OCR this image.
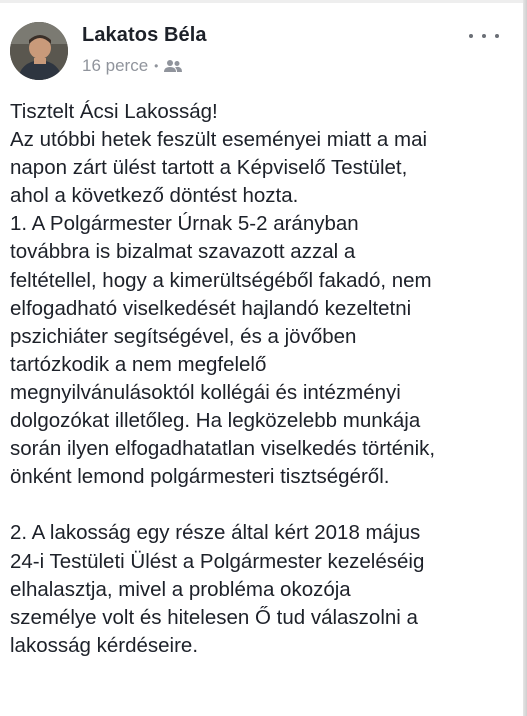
Lakatos Béla
16 perce •
Tisztelt Ácsi Lakosság!
Az utóbbi hetek feszült eseményei miatt a mai
napon zárt ülést tartott a Képviselő Testület,
ahol a következő döntést hozta.
1. A Polgármester Úrnak 5-2 arányban
továbbra is bizalmat szavazott azzal a
feltétellel, hogy a kimerültségéből fakadó, nem
elfogadható viselkedését hajlandó kezeltetni
pszichiáter segítségével, és a jövőben
tartózkodik a nem megfelelő
megnyilvánulásoktól kollégái és intézményi
dolgozókat illetőleg. Ha legközelebb munkája
során ilyen elfogadhatatlan viselkedés történik,
önként lemond polgármesteri tisztségéről.
2. A lakosság egy része által kért 2018 május
24-i Testületi Ülést a Polgármester kezeléséig
elhalasztja, mivel a probléma okozója
személye volt és hitelesen Ő tud válaszolni a
lakosság kérdéseire.
